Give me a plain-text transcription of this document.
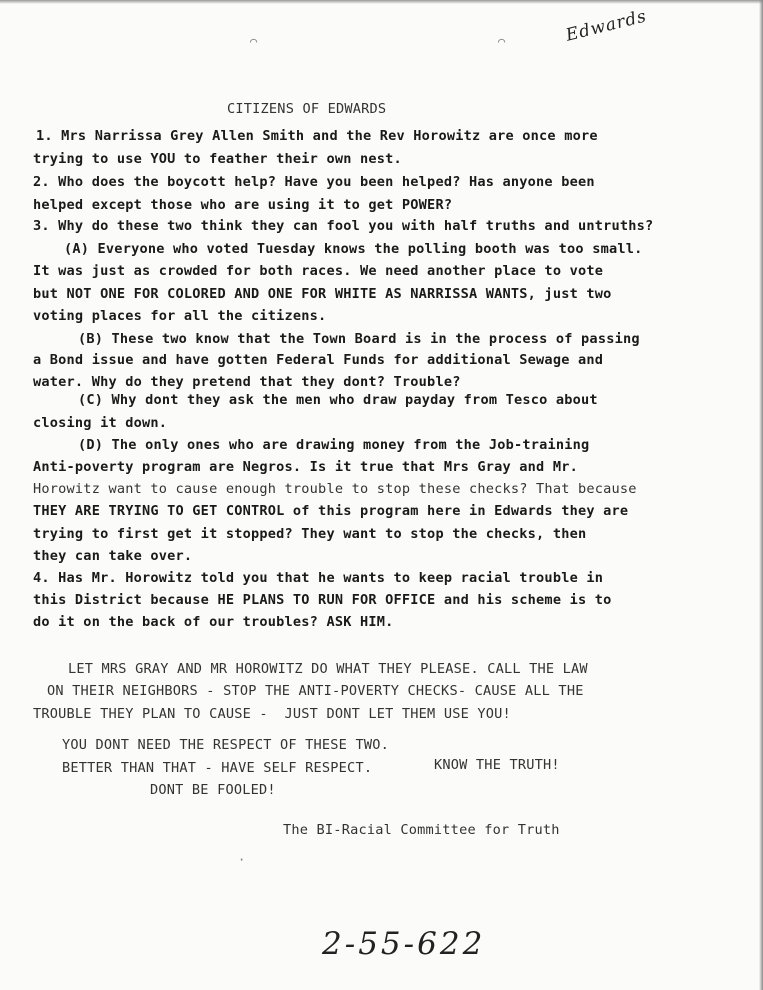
Edwards
⌒	⌒
·
CITIZENS OF EDWARDS
1. Mrs Narrissa Grey Allen Smith and the Rev Horowitz are once more
trying to use YOU to feather their own nest.
2. Who does the boycott help? Have you been helped? Has anyone been
helped except those who are using it to get POWER?
3. Why do these two think they can fool you with half truths and untruths?
(A) Everyone who voted Tuesday knows the polling booth was too small.
It was just as crowded for both races. We need another place to vote
but NOT ONE FOR COLORED AND ONE FOR WHITE AS NARRISSA WANTS, just two
voting places for all the citizens.
(B) These two know that the Town Board is in the process of passing
a Bond issue and have gotten Federal Funds for additional Sewage and
water. Why do they pretend that they dont? Trouble?
(C) Why dont they ask the men who draw payday from Tesco about
closing it down.
(D) The only ones who are drawing money from the Job-training
Anti-poverty program are Negros. Is it true that Mrs Gray and Mr.
Horowitz want to cause enough trouble to stop these checks? That because
THEY ARE TRYING TO GET CONTROL of this program here in Edwards they are
trying to first get it stopped? They want to stop the checks, then
they can take over.
4. Has Mr. Horowitz told you that he wants to keep racial trouble in
this District because HE PLANS TO RUN FOR OFFICE and his scheme is to
do it on the back of our troubles? ASK HIM.
LET MRS GRAY AND MR HOROWITZ DO WHAT THEY PLEASE. CALL THE LAW
ON THEIR NEIGHBORS - STOP THE ANTI-POVERTY CHECKS- CAUSE ALL THE
TROUBLE THEY PLAN TO CAUSE -  JUST DONT LET THEM USE YOU!
YOU DONT NEED THE RESPECT OF THESE TWO.
BETTER THAN THAT - HAVE SELF RESPECT.	KNOW THE TRUTH!
DONT BE FOOLED!
The BI-Racial Committee for Truth
2-55-622
